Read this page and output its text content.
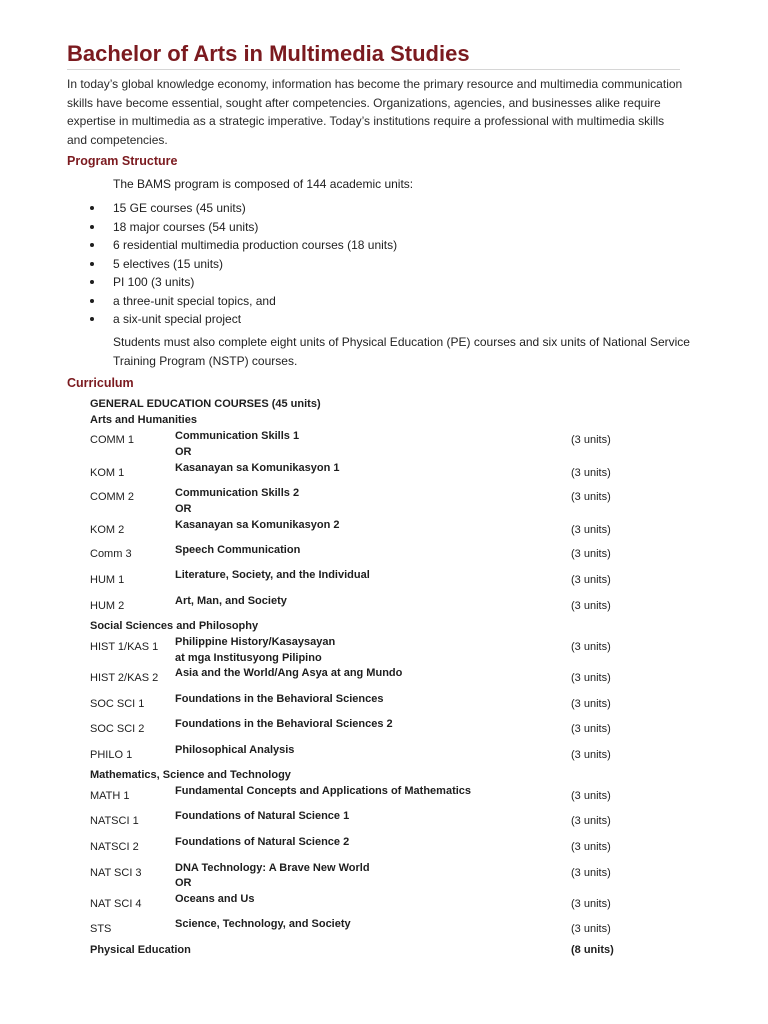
Bachelor of Arts in Multimedia Studies
In today’s global knowledge economy, information has become the primary resource and multimedia communication skills have become essential, sought after competencies. Organizations, agencies, and businesses alike require expertise in multimedia as a strategic imperative. Today’s institutions require a professional with multimedia skills and competencies.
Program Structure
The BAMS program is composed of 144 academic units:
15 GE courses (45 units)
18 major courses (54 units)
6 residential multimedia production courses (18 units)
5 electives (15 units)
PI 100 (3 units)
a three-unit special topics, and
a six-unit special project
Students must also complete eight units of Physical Education (PE) courses and six units of National Service Training Program (NSTP) courses.
Curriculum
GENERAL EDUCATION COURSES (45 units)
Arts and Humanities
COMM 1	Communication Skills 1	(3 units)
OR
KOM 1	Kasanayan sa Komunikasyon 1	(3 units)
COMM 2	Communication Skills 2	(3 units)
OR
KOM 2	Kasanayan sa Komunikasyon 2	(3 units)
Comm 3	Speech Communication	(3 units)
HUM 1	Literature, Society, and the Individual	(3 units)
HUM 2	Art, Man, and Society	(3 units)
Social Sciences and Philosophy
HIST 1/KAS 1 Philippine History/Kasaysayan
at mga Institusyong Pilipino
(3 units)
HIST 2/KAS 2 Asia and the World/Ang Asya at ang Mundo	(3 units)
SOC SCI 1	Foundations in the Behavioral Sciences	(3 units)
SOC SCI 2	Foundations in the Behavioral Sciences 2	(3 units)
PHILO 1	Philosophical Analysis	(3 units)
Mathematics, Science and Technology
MATH 1	Fundamental Concepts and Applications of Mathematics	(3 units)
NATSCI 1	Foundations of Natural Science 1	(3 units)
NATSCI 2	Foundations of Natural Science 2	(3 units)
NAT SCI 3	DNA Technology: A Brave New World	(3 units)
OR
NAT SCI 4	Oceans and Us	(3 units)
STS	Science, Technology, and Society	(3 units)
Physical Education	(8 units)
